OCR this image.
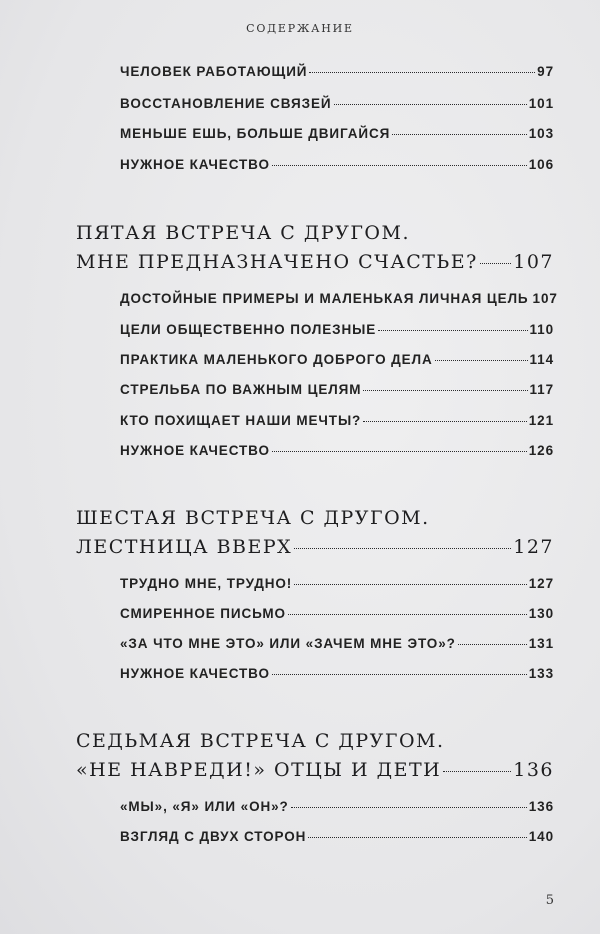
СОДЕРЖАНИЕ
ЧЕЛОВЕК РАБОТАЮЩИЙ	97
ВОССТАНОВЛЕНИЕ СВЯЗЕЙ	101
МЕНЬШЕ ЕШЬ, БОЛЬШЕ ДВИГАЙСЯ	103
НУЖНОЕ КАЧЕСТВО	106
ПЯТАЯ ВСТРЕЧА С ДРУГОМ.
МНЕ ПРЕДНАЗНАЧЕНО СЧАСТЬЕ? 107
ДОСТОЙНЫЕ ПРИМЕРЫ И МАЛЕНЬКАЯ ЛИЧНАЯ ЦЕЛЬ 107
ЦЕЛИ ОБЩЕСТВЕННО ПОЛЕЗНЫЕ	110
ПРАКТИКА МАЛЕНЬКОГО ДОБРОГО ДЕЛА	114
СТРЕЛЬБА ПО ВАЖНЫМ ЦЕЛЯМ	117
КТО ПОХИЩАЕТ НАШИ МЕЧТЫ?	121
НУЖНОЕ КАЧЕСТВО	126
ШЕСТАЯ ВСТРЕЧА С ДРУГОМ.
ЛЕСТНИЦА ВВЕРХ	127
ТРУДНО МНЕ, ТРУДНО!	127
СМИРЕННОЕ ПИСЬМО	130
«ЗА ЧТО МНЕ ЭТО» ИЛИ «ЗАЧЕМ МНЕ ЭТО»?	131
НУЖНОЕ КАЧЕСТВО	133
СЕДЬМАЯ ВСТРЕЧА С ДРУГОМ.
«НЕ НАВРЕДИ!» ОТЦЫ И ДЕТИ	136
«МЫ», «Я» ИЛИ «ОН»?	136
ВЗГЛЯД С ДВУХ СТОРОН	140
5
